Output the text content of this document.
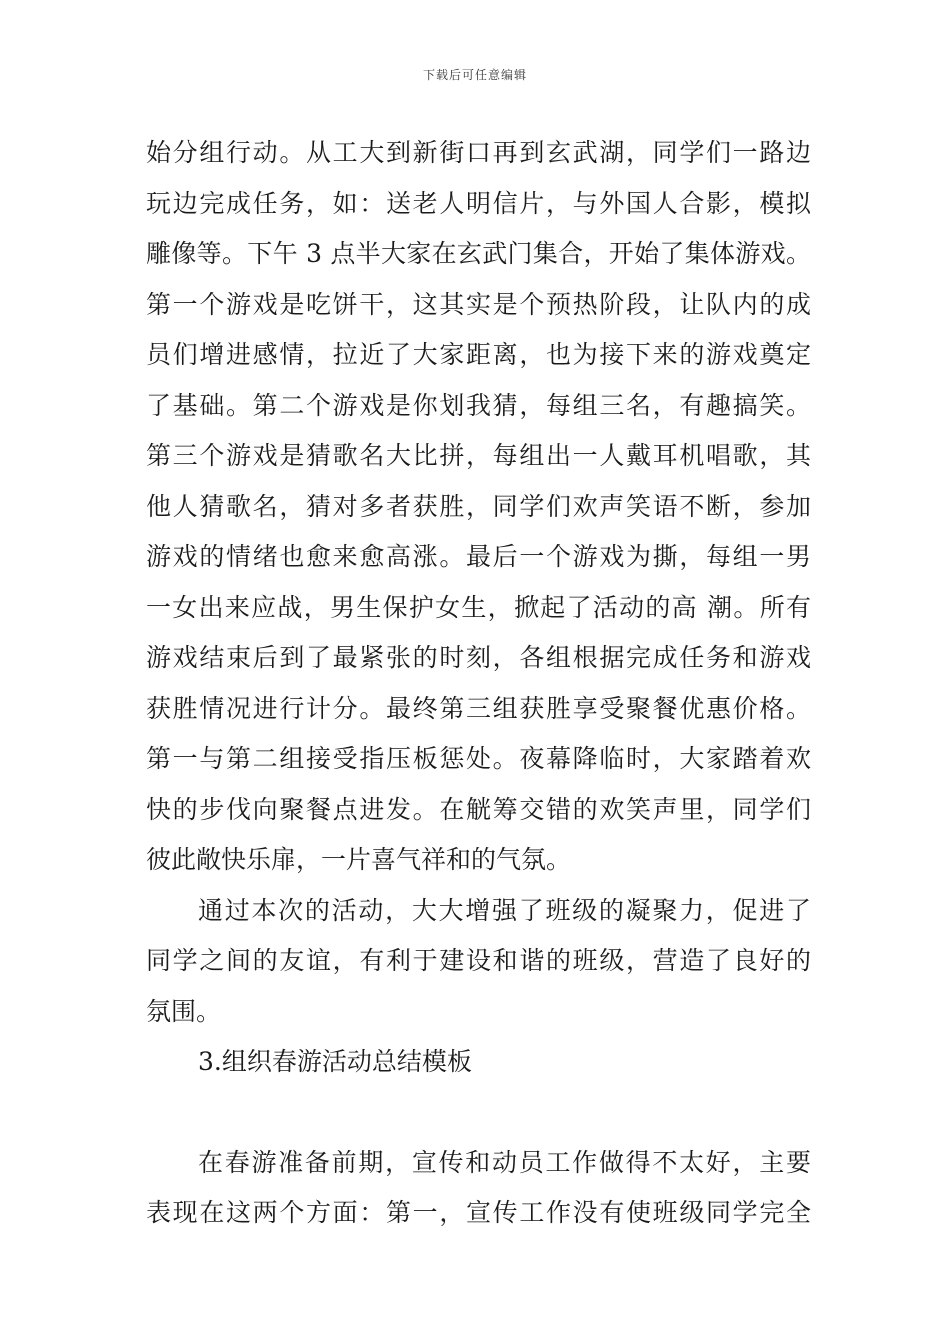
下载后可任意编辑
始分组行动。从工大到新街口再到玄武湖，同学们一路边
玩边完成任务，如：送老人明信片，与外国人合影，模拟
雕像等。下午 3 点半大家在玄武门集合，开始了集体游戏。
第一个游戏是吃饼干，这其实是个预热阶段，让队内的成
员们增进感情，拉近了大家距离，也为接下来的游戏奠定
了基础。第二个游戏是你划我猜，每组三名，有趣搞笑。
第三个游戏是猜歌名大比拼，每组出一人戴耳机唱歌，其
他人猜歌名，猜对多者获胜，同学们欢声笑语不断，参加
游戏的情绪也愈来愈高涨。最后一个游戏为撕，每组一男
一女出来应战，男生保护女生，掀起了活动的高 潮。所有
游戏结束后到了最紧张的时刻，各组根据完成任务和游戏
获胜情况进行计分。最终第三组获胜享受聚餐优惠价格。
第一与第二组接受指压板惩处。夜幕降临时，大家踏着欢
快的步伐向聚餐点进发。在觥筹交错的欢笑声里，同学们
彼此敞快乐扉，一片喜气祥和的气氛。
通过本次的活动，大大增强了班级的凝聚力，促进了
同学之间的友谊，有利于建设和谐的班级，营造了良好的
氛围。
3.组织春游活动总结模板
在春游准备前期，宣传和动员工作做得不太好，主要
表现在这两个方面：第一，宣传工作没有使班级同学完全
